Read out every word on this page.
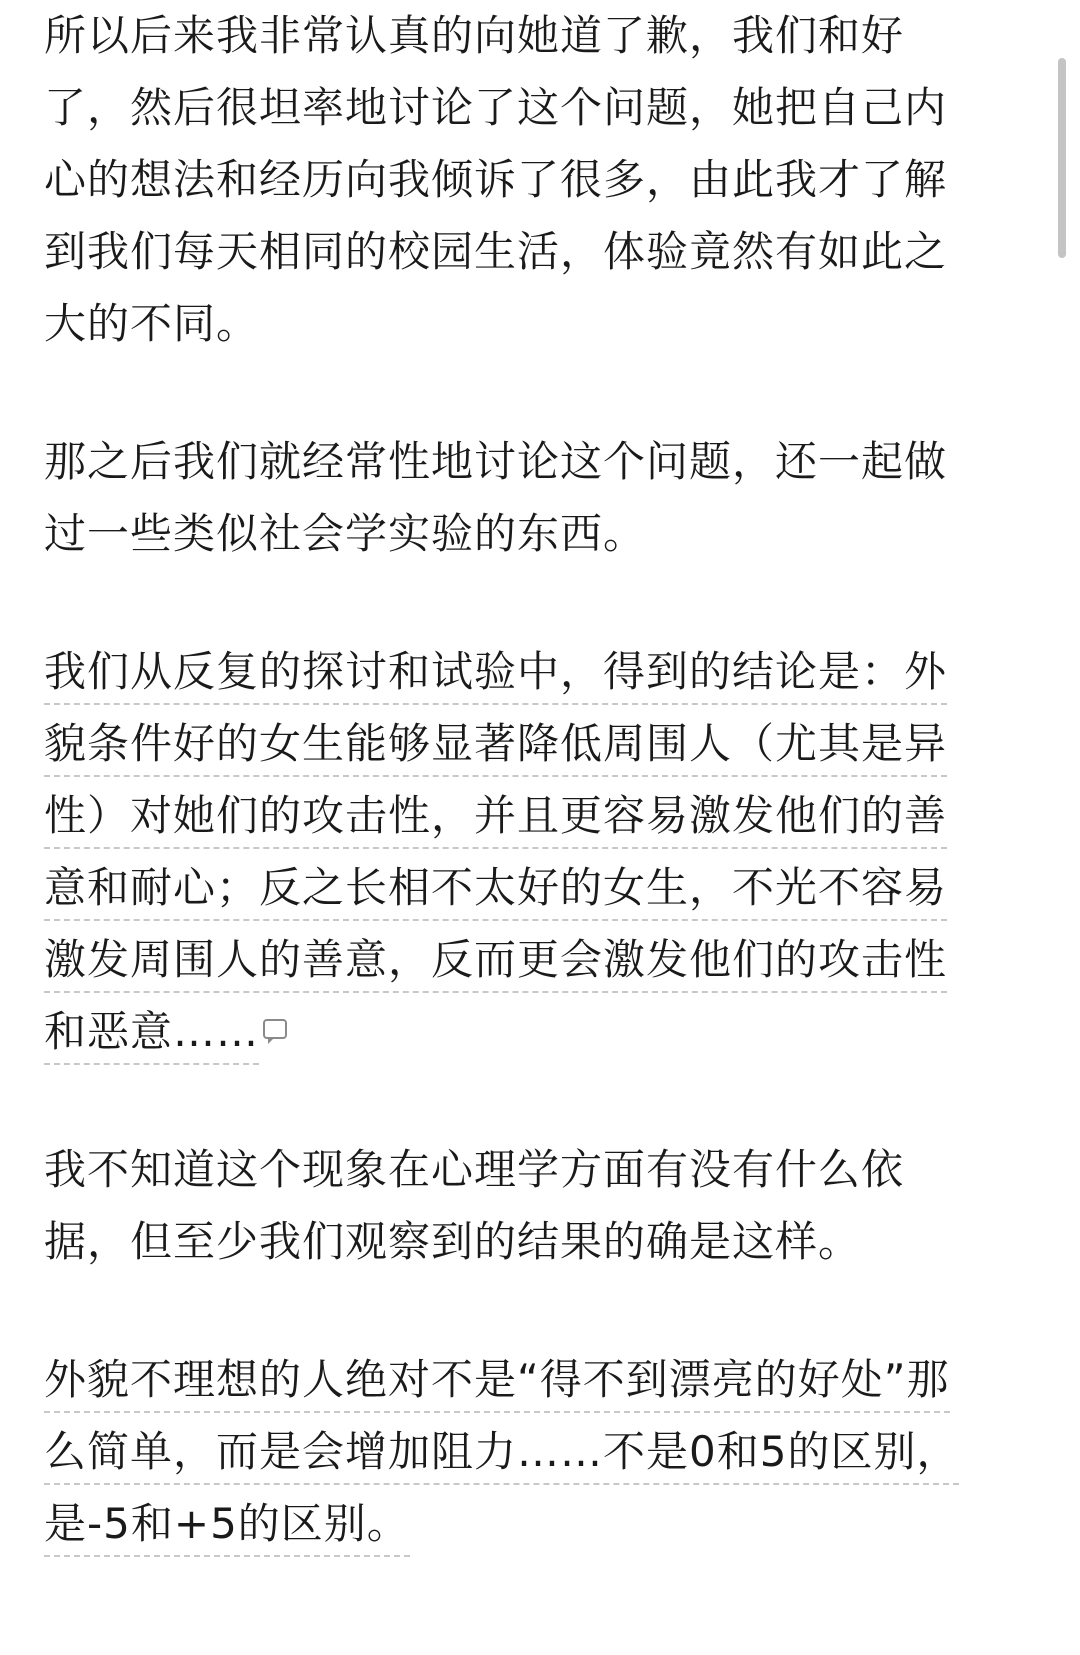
所以后来我非常认真的向她道了歉，我们和好
了，然后很坦率地讨论了这个问题，她把自己内
心的想法和经历向我倾诉了很多，由此我才了解
到我们每天相同的校园生活，体验竟然有如此之
大的不同。
那之后我们就经常性地讨论这个问题，还一起做
过一些类似社会学实验的东西。
我们从反复的探讨和试验中，得到的结论是：外
貌条件好的女生能够显著降低周围人（尤其是异
性）对她们的攻击性，并且更容易激发他们的善
意和耐心；反之长相不太好的女生，不光不容易
激发周围人的善意，反而更会激发他们的攻击性
和恶意……
我不知道这个现象在心理学方面有没有什么依
据，但至少我们观察到的结果的确是这样。
外貌不理想的人绝对不是“得不到漂亮的好处”那
么简单，而是会增加阻力……不是0和5的区别，
是-5和+5的区别。
